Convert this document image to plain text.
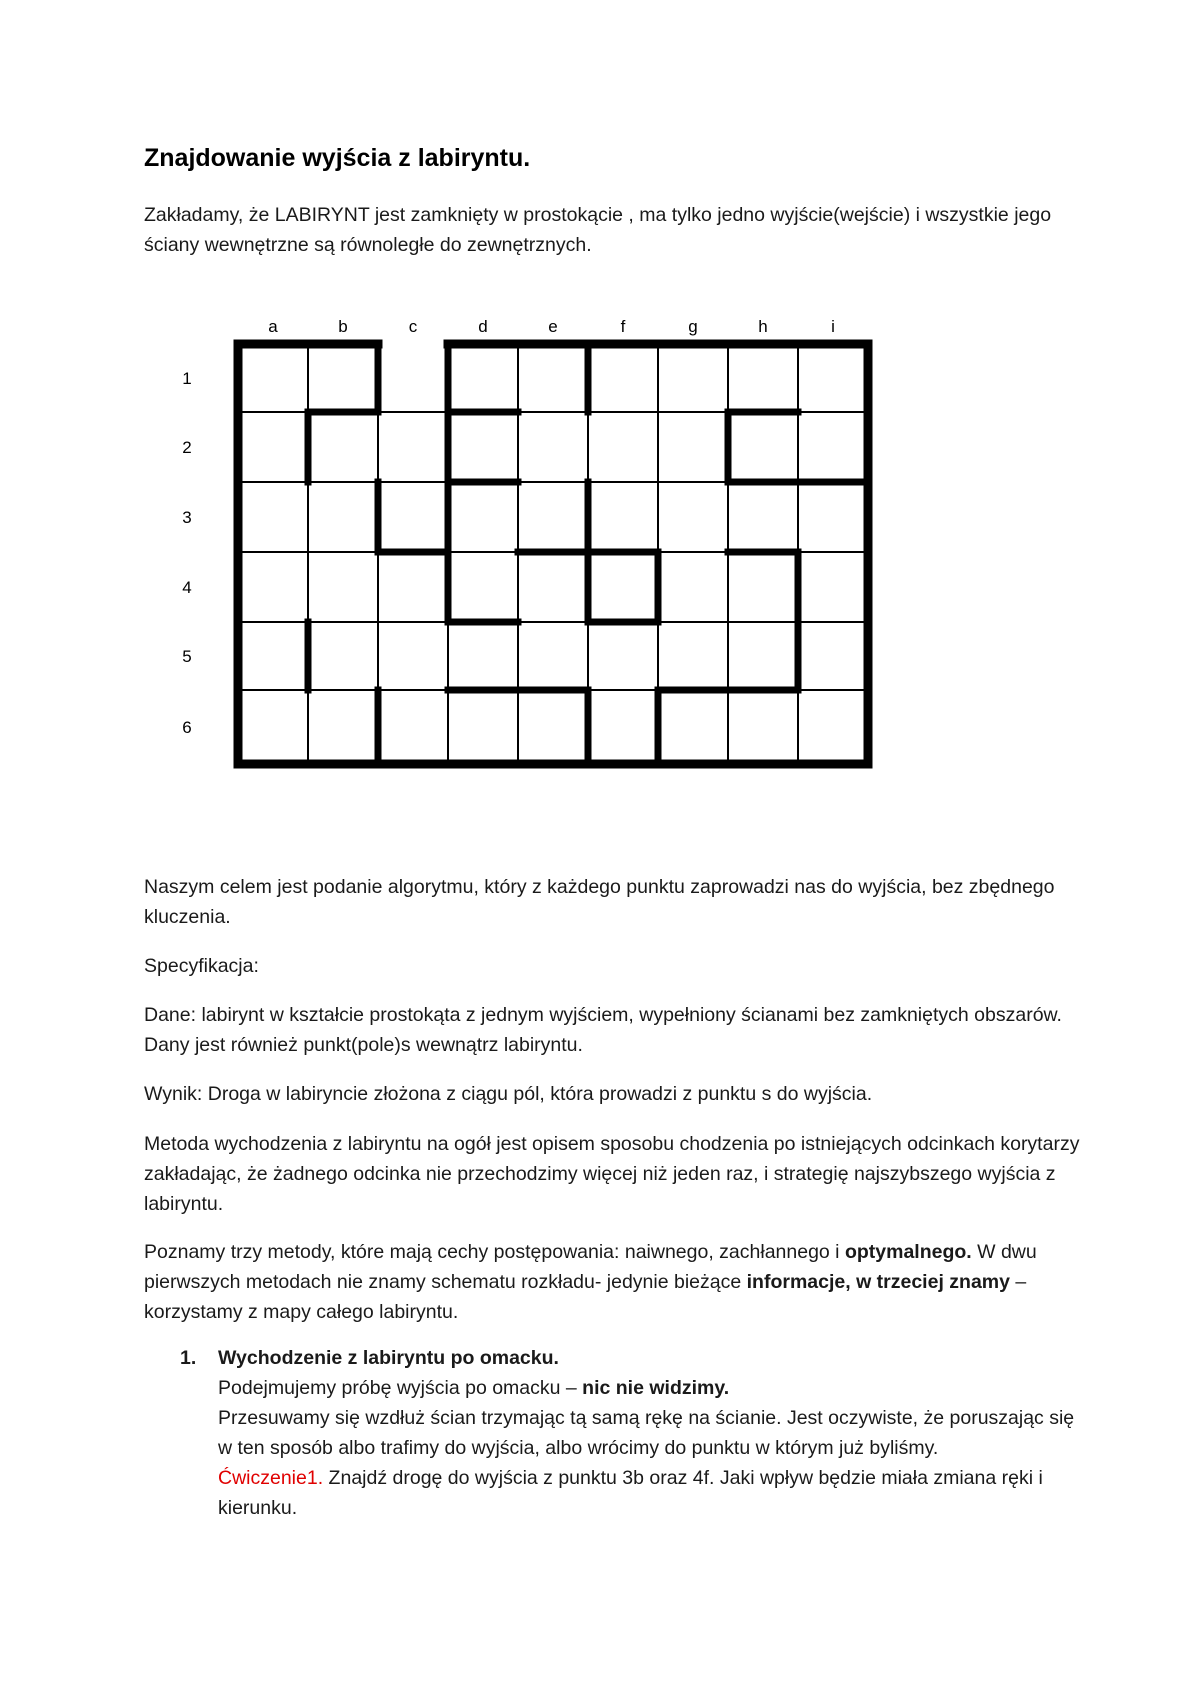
Znajdowanie wyjścia z labiryntu.

Zakładamy, że LABIRYNT jest zamknięty w prostokącie , ma tylko jedno wyjście(wejście) i wszystkie jego ściany wewnętrzne są równoległe do zewnętrznych.

a	b	c	d	e	f	g	h	i
1
2
3
4
5
6

Naszym celem jest podanie algorytmu, który z każdego punktu zaprowadzi nas do wyjścia, bez zbędnego kluczenia.

Specyfikacja:

Dane: labirynt w kształcie prostokąta z jednym wyjściem, wypełniony ścianami bez zamkniętych obszarów. Dany jest również punkt(pole)s wewnątrz labiryntu.

Wynik: Droga w labiryncie złożona z ciągu pól, która prowadzi z punktu s do wyjścia.

Metoda wychodzenia z labiryntu na ogół jest opisem sposobu chodzenia po istniejących odcinkach korytarzy zakładając, że żadnego odcinka nie przechodzimy więcej niż jeden raz, i strategię najszybszego wyjścia z labiryntu.

Poznamy trzy metody, które mają cechy postępowania: naiwnego, zachłannego i optymalnego. W dwu pierwszych metodach nie znamy schematu rozkładu- jedynie bieżące informacje, w trzeciej znamy – korzystamy z mapy całego labiryntu.

1. Wychodzenie z labiryntu po omacku.
Podejmujemy próbę wyjścia po omacku – nic nie widzimy.
Przesuwamy się wzdłuż ścian trzymając tą samą rękę na ścianie. Jest oczywiste, że poruszając się w ten sposób albo trafimy do wyjścia, albo wrócimy do punktu w którym już byliśmy.
Ćwiczenie1. Znajdź drogę do wyjścia z punktu 3b oraz 4f. Jaki wpływ będzie miała zmiana ręki i kierunku.
